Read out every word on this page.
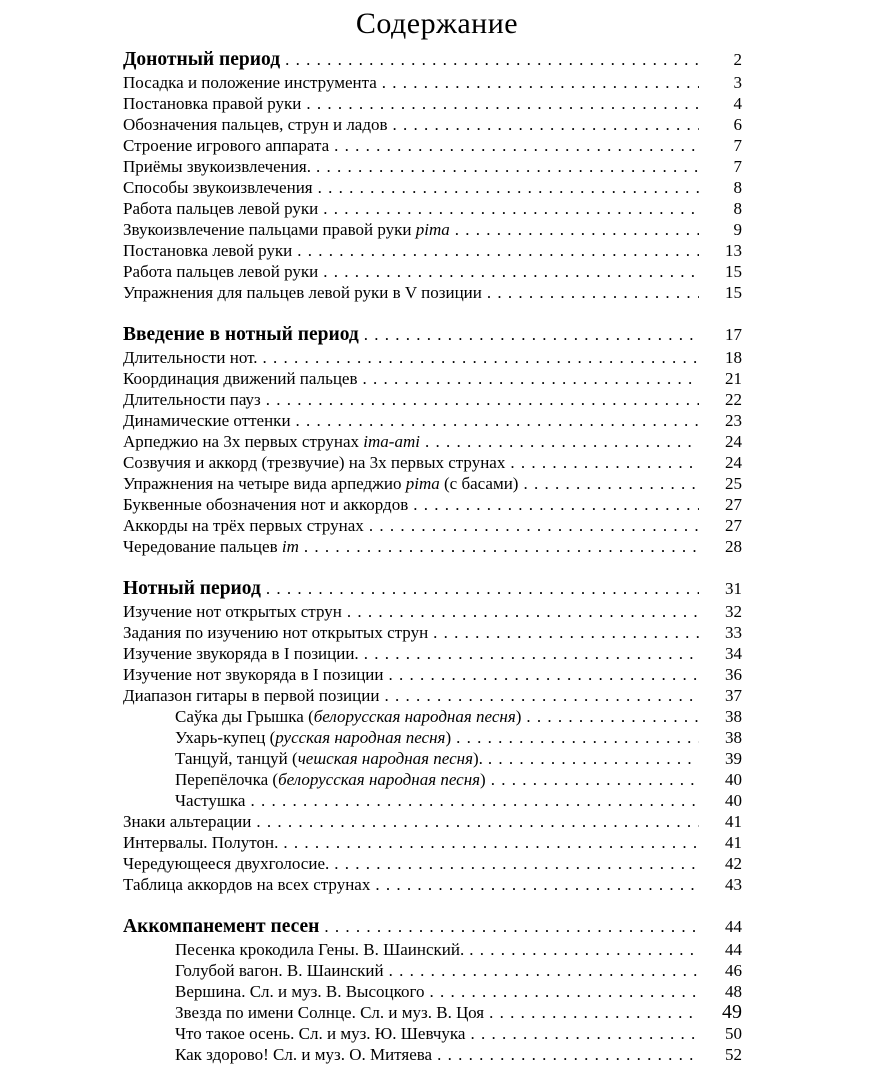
Содержание
Донотный период . . .	2
Посадка и положение инструмента . . .	3
Постановка правой руки . . .	4
Обозначения пальцев, струн и ладов . . .	6
Строение игрового аппарата . . .	7
Приёмы звукоизвлечения. . . .	7
Способы звукоизвлечения . . .	8
Работа пальцев левой руки . . .	8
Звукоизвлечение пальцами правой руки pima . . .	9
Постановка левой руки . . .	13
Работа пальцев левой руки . . .	15
Упражнения для пальцев левой руки в V позиции . . .	15
Введение в нотный период . . .	17
Длительности нот. . . .	18
Координация движений пальцев . . .	21
Длительности пауз . . .	22
Динамические оттенки . . .	23
Арпеджио на 3х первых струнах ima-ami . . .	24
Созвучия и аккорд (трезвучие) на 3х первых струнах . . .	24
Упражнения на четыре вида арпеджио pima (с басами) . . .	25
Буквенные обозначения нот и аккордов . . .	27
Аккорды на трёх первых струнах . . .	27
Чередование пальцев im . . .	28
Нотный период . . .	31
Изучение нот открытых струн . . .	32
Задания по изучению нот открытых струн . . .	33
Изучение звукоряда в I позиции. . . .	34
Изучение нот звукоряда в I позиции . . .	36
Диапазон гитары в первой позиции . . .	37
Саўка ды Грышка (белорусская народная песня) . . .	38
Ухарь-купец (русская народная песня) . . .	38
Танцуй, танцуй (чешская народная песня). . . .	39
Перепёлочка (белорусская народная песня) . . .	40
Частушка . . .	40
Знаки альтерации . . .	41
Интервалы. Полутон. . . .	41
Чередующееся двухголосие. . . .	42
Таблица аккордов на всех струнах . . .	43
Аккомпанемент песен . . .	44
Песенка крокодила Гены. В. Шаинский. . . .	44
Голубой вагон. В. Шаинский . . .	46
Вершина. Сл. и муз. В. Высоцкого . . .	48
Звезда по имени Солнце. Сл. и муз. В. Цоя . . .	49
Что такое осень. Сл. и муз. Ю. Шевчука . . .	50
Как здорово! Сл. и муз. О. Митяева . . .	52
